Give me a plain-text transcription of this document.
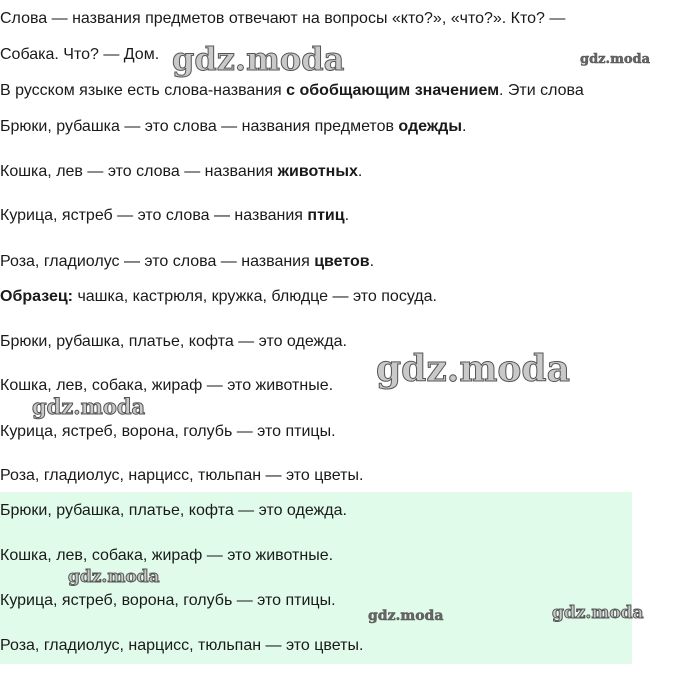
Слова — названия предметов отвечают на вопросы «кто?», «что?». Кто? —
Собака. Что? — Дом.
В русском языке есть слова-названия с обобщающим значением. Эти слова
Брюки, рубашка — это слова — названия предметов одежды.
Кошка, лев — это слова — названия животных.
Курица, ястреб — это слова — названия птиц.
Роза, гладиолус — это слова — названия цветов.
Образец: чашка, кастрюля, кружка, блюдце — это посуда.
Брюки, рубашка, платье, кофта — это одежда.
Кошка, лев, собака, жираф — это животные.
Курица, ястреб, ворона, голубь — это птицы.
Роза, гладиолус, нарцисс, тюльпан — это цветы.
Брюки, рубашка, платье, кофта — это одежда.
Кошка, лев, собака, жираф — это животные.
Курица, ястреб, ворона, голубь — это птицы.
Роза, гладиолус, нарцисс, тюльпан — это цветы.
gdz.moda	gdz.moda
gdz.moda
gdz.moda
gdz.moda
gdz.moda	gdz.moda
